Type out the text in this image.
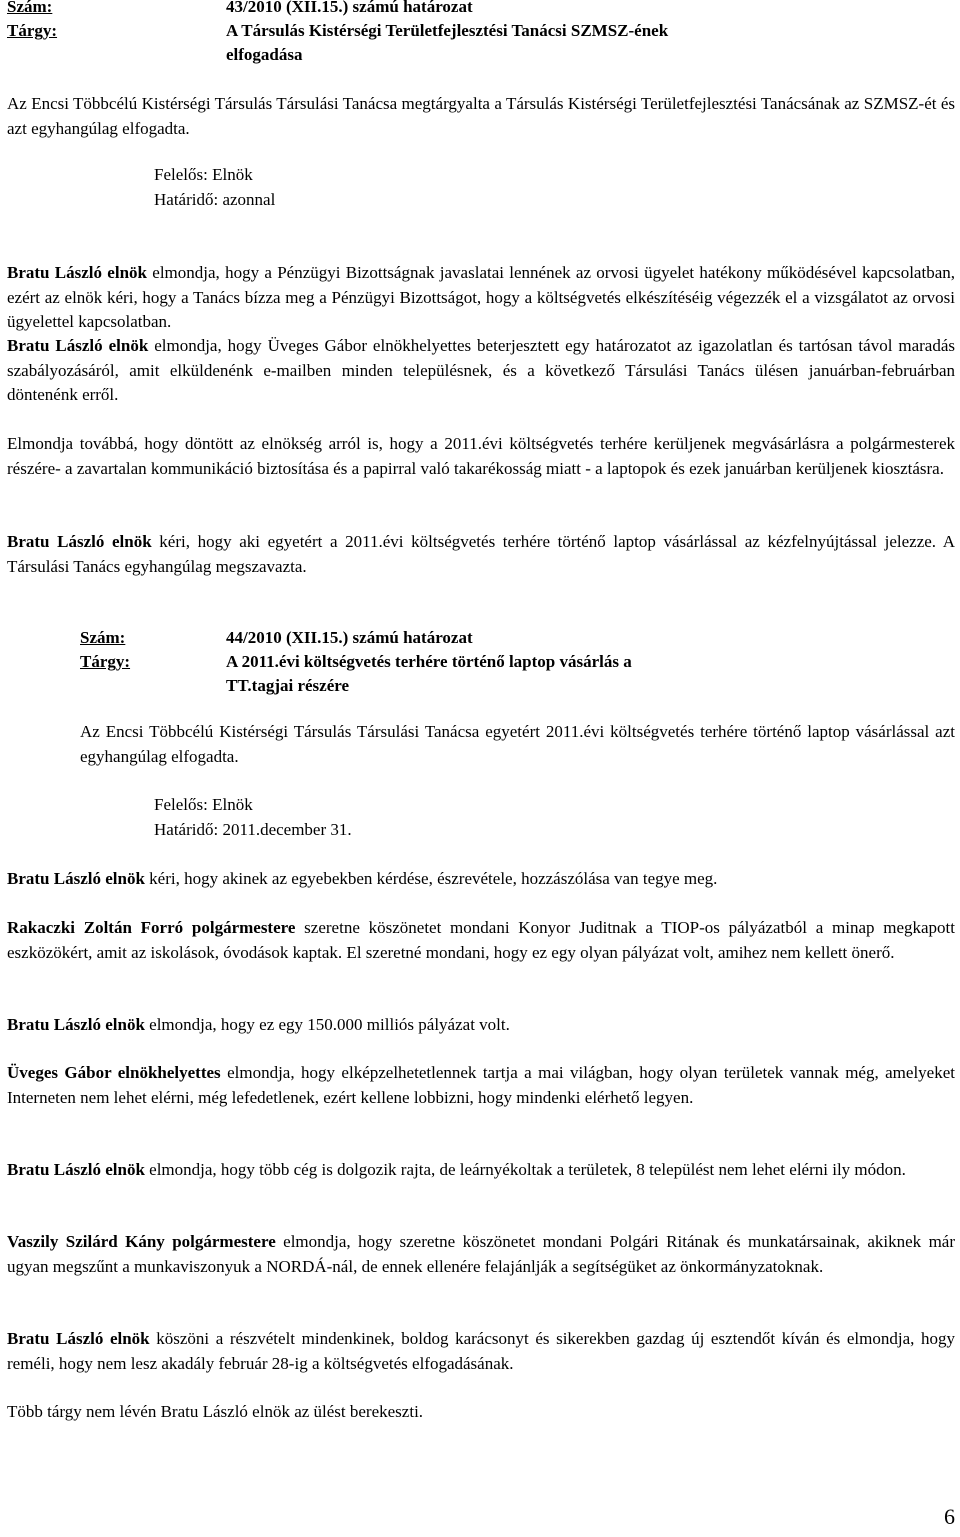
Szám:	43/2010 (XII.15.) számú határozat
Tárgy:	A Társulás Kistérségi Területfejlesztési Tanácsi SZMSZ-ének
elfogadása
Az Encsi Többcélú Kistérségi Társulás Társulási Tanácsa megtárgyalta a Társulás Kistérségi Területfejlesztési Tanácsának az SZMSZ-ét és azt egyhangúlag elfogadta.
Felelős: Elnök
Határidő: azonnal
Bratu László elnök elmondja, hogy a Pénzügyi Bizottságnak javaslatai lennének az orvosi ügyelet hatékony működésével kapcsolatban, ezért az elnök kéri, hogy a Tanács bízza meg a Pénzügyi Bizottságot, hogy a költségvetés elkészítéséig végezzék el a vizsgálatot az orvosi ügyelettel kapcsolatban.
Bratu László elnök elmondja, hogy Üveges Gábor elnökhelyettes beterjesztett egy határozatot az igazolatlan és tartósan távol maradás szabályozásáról, amit elküldenénk e-mailben minden településnek, és a következő Társulási Tanács ülésen januárban-februárban döntenénk erről.
Elmondja továbbá, hogy döntött az elnökség arról is, hogy a 2011.évi költségvetés terhére kerüljenek megvásárlásra a polgármesterek részére- a zavartalan kommunikáció biztosítása és a papirral való takarékosság miatt - a laptopok és ezek januárban kerüljenek kiosztásra.
Bratu László elnök kéri, hogy aki egyetért a 2011.évi költségvetés terhére történő laptop vásárlással az kézfelnyújtással jelezze. A Társulási Tanács egyhangúlag megszavazta.
Szám:	44/2010 (XII.15.) számú határozat
Tárgy:	A 2011.évi költségvetés terhére történő laptop vásárlás a
TT.tagjai részére
Az Encsi Többcélú Kistérségi Társulás Társulási Tanácsa egyetért 2011.évi költségvetés terhére történő laptop vásárlással azt egyhangúlag elfogadta.
Felelős: Elnök
Határidő: 2011.december 31.
Bratu László elnök kéri, hogy akinek az egyebekben kérdése, észrevétele, hozzászólása van tegye meg.
Rakaczki Zoltán Forró polgármestere szeretne köszönetet mondani Konyor Juditnak a TIOP-os pályázatból a minap megkapott eszközökért, amit az iskolások, óvodások kaptak. El szeretné mondani, hogy ez egy olyan pályázat volt, amihez nem kellett önerő.
Bratu László elnök elmondja, hogy ez egy 150.000 milliós pályázat volt.
Üveges Gábor elnökhelyettes elmondja, hogy elképzelhetetlennek tartja a mai világban, hogy olyan területek vannak még, amelyeket Interneten nem lehet elérni, még lefedetlenek, ezért kellene lobbizni, hogy mindenki elérhető legyen.
Bratu László elnök elmondja, hogy több cég is dolgozik rajta, de leárnyékoltak a területek, 8 települést nem lehet elérni ily módon.
Vaszily Szilárd Kány polgármestere elmondja, hogy szeretne köszönetet mondani Polgári Ritának és munkatársainak, akiknek már ugyan megszűnt a munkaviszonyuk a NORDÁ-nál, de ennek ellenére felajánlják a segítségüket az önkormányzatoknak.
Bratu László elnök köszöni a részvételt mindenkinek, boldog karácsonyt és sikerekben gazdag új esztendőt kíván és elmondja, hogy reméli, hogy nem lesz akadály február 28-ig a költségvetés elfogadásának.
Több tárgy nem lévén Bratu László elnök az ülést berekeszti.
6
